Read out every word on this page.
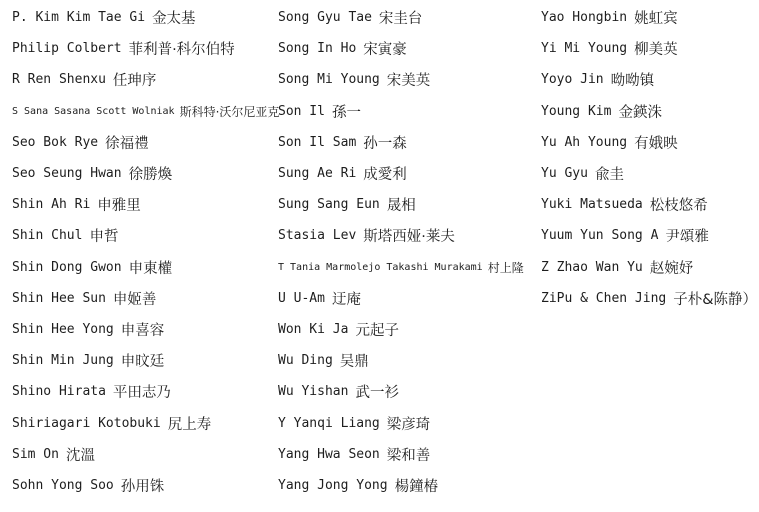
P. Kim Kim Tae Gi 金太基
Philip Colbert 菲利普·科尔伯特
R Ren Shenxu 任珅序
S Sana Sasana Scott Wolniak 斯科特·沃尔尼亚克
Seo Bok Rye 徐福禮
Seo Seung Hwan 徐勝煥
Shin Ah Ri 申雅里
Shin Chul 申哲
Shin Dong Gwon 申東權
Shin Hee Sun 申姬善
Shin Hee Yong 申喜容
Shin Min Jung 申旼廷
Shino Hirata 平田志乃
Shiriagari Kotobuki 尻上寿
Sim On 沈溫
Sohn Yong Soo 孙用铢
Song Gyu Tae 宋圭台
Song In Ho 宋寅豪
Song Mi Young 宋美英
Son Il 孫一
Son Il Sam 孙一森
Sung Ae Ri 成愛利
Sung Sang Eun 晟相
Stasia Lev 斯塔西娅·莱夫
T Tania Marmolejo Takashi Murakami 村上隆
U U-Am 迂庵
Won Ki Ja 元起子
Wu Ding 吴鼎
Wu Yishan 武一衫
Y Yanqi Liang 梁彦琦
Yang Hwa Seon 梁和善
Yang Jong Yong 楊鐘椿
Yao Hongbin 姚虹宾
Yi Mi Young 柳美英
Yoyo Jin 呦呦镇
Young Kim 金鍈洙
Yu Ah Young 有娥映
Yu Gyu 兪圭
Yuki Matsueda 松枝悠希
Yuum Yun Song A 尹頌雅
Z Zhao Wan Yu 赵婉妤
ZiPu & Chen Jing 子朴&陈静）
